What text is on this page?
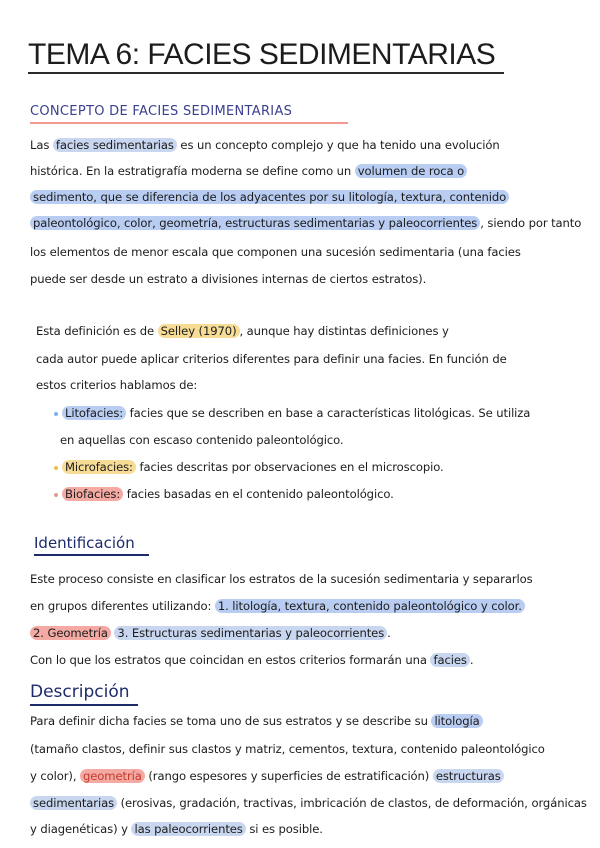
TEMA 6: FACIES SEDIMENTARIAS
CONCEPTO DE FACIES SEDIMENTARIAS
Las facies sedimentarias es un concepto complejo y que ha tenido una evolución
histórica. En la estratigrafía moderna se define como un volumen de roca o
sedimento, que se diferencia de los adyacentes por su litología, textura, contenido
paleontológico, color, geometría, estructuras sedimentarias y paleocorrientes , siendo por tanto
los elementos de menor escala que componen una sucesión sedimentaria (una facies
puede ser desde un estrato a divisiones internas de ciertos estratos).
Esta definición es de Selley (1970) , aunque hay distintas definiciones y
cada autor puede aplicar criterios diferentes para definir una facies. En función de
estos criterios hablamos de:
Litofacies: facies que se describen en base a características litológicas. Se utiliza
en aquellas con escaso contenido paleontológico.
Microfacies: facies descritas por observaciones en el microscopio.
Biofacies: facies basadas en el contenido paleontológico.
Identificación
Este proceso consiste en clasificar los estratos de la sucesión sedimentaria y separarlos
en grupos diferentes utilizando: 1. litología, textura, contenido paleontológico y color.
2. Geometría 3. Estructuras sedimentarias y paleocorrientes .
Con lo que los estratos que coincidan en estos criterios formarán una facies .
Descripción
Para definir dicha facies se toma uno de sus estratos y se describe su litología
(tamaño clastos, definir sus clastos y matriz, cementos, textura, contenido paleontológico
y color), geometría (rango espesores y superficies de estratificación) estructuras
sedimentarias (erosivas, gradación, tractivas, imbricación de clastos, de deformación, orgánicas
y diagenéticas) y las paleocorrientes si es posible.
